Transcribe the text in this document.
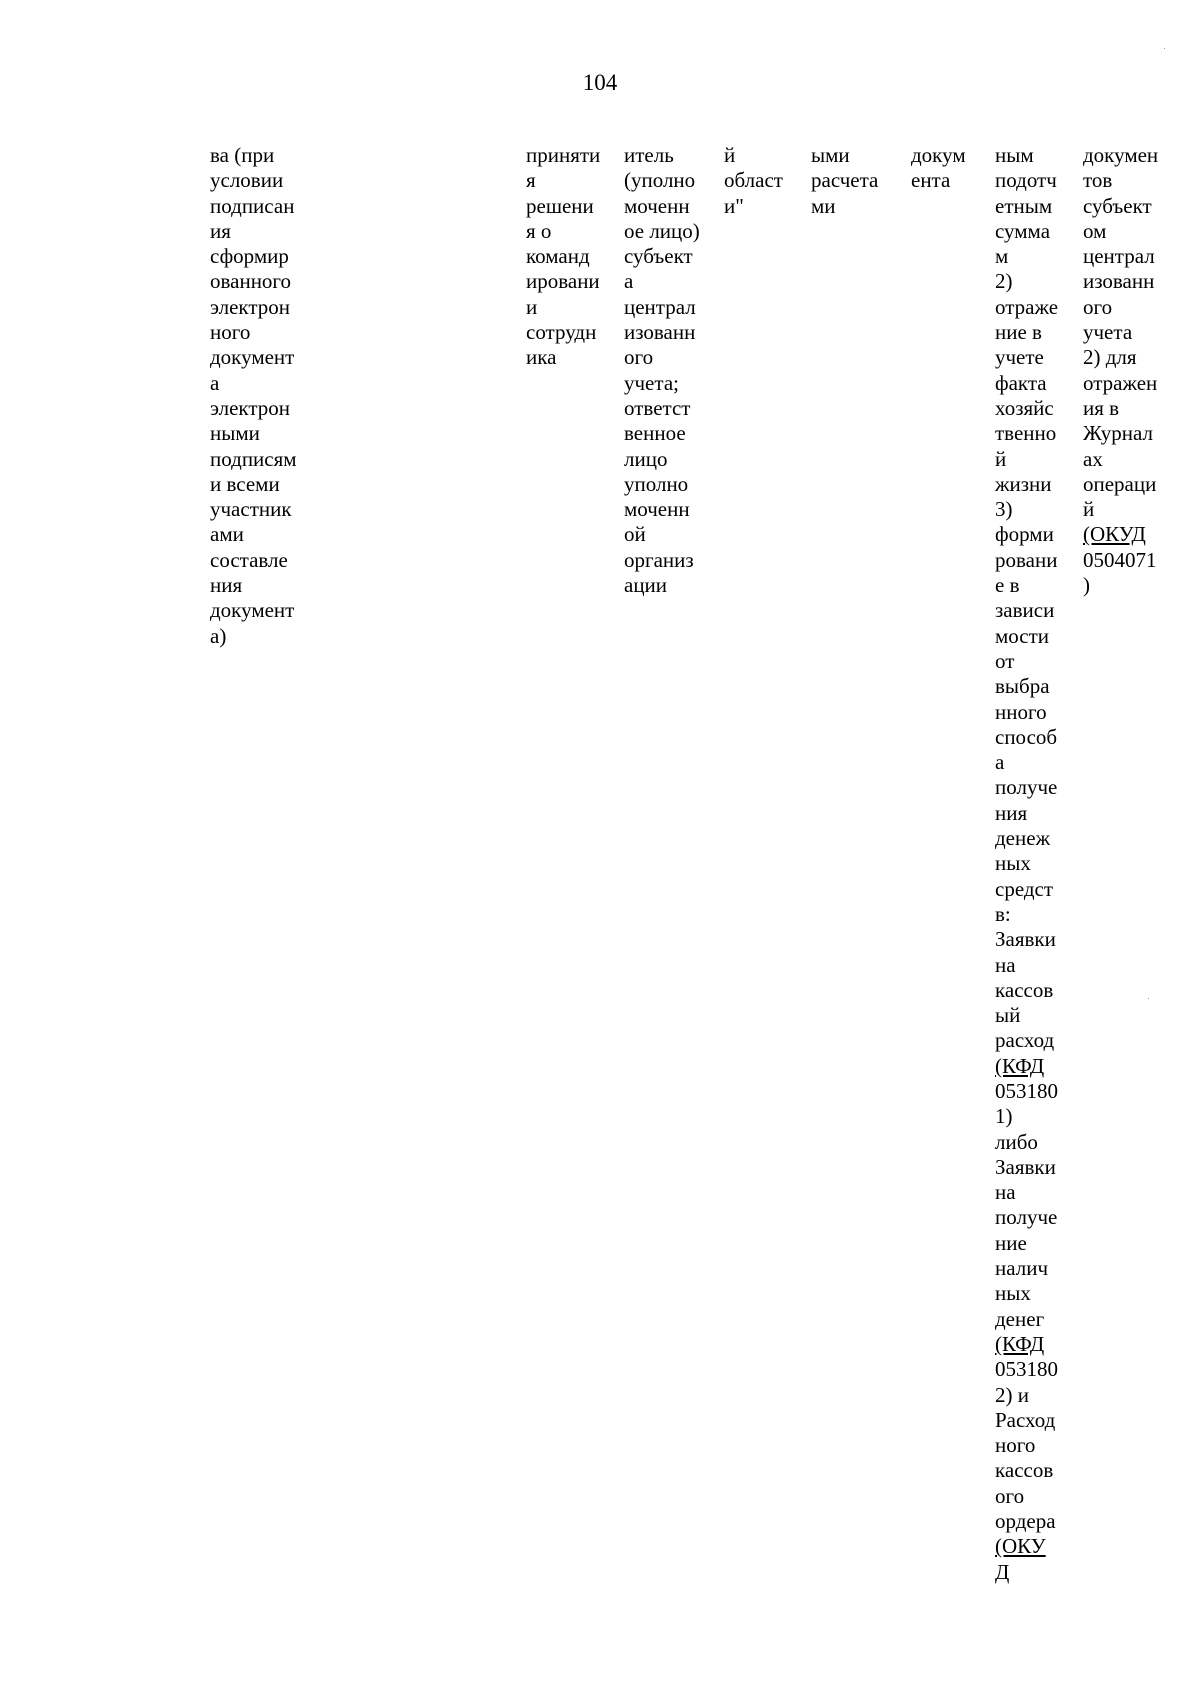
104
ва (при
условии
подписан
ия
сформир
ованного
электрон
ного
документ
а
электрон
ными
подписям
и всеми
участник
ами
составле
ния
документ
а)
приняти
я
решени
я о
команд
ировани
и
сотрудн
ика
итель
(уполно
моченн
ое лицо)
субъект
а
централ
изованн
ого
учета;
ответст
венное
лицо
уполно
моченн
ой
организ
ации
й
област
и"
ыми
расчета
ми
докум
ента
ным
подотч
етным
сумма
м
2)
отраже
ние в
учете
факта
хозяйс
твенно
й
жизни
3)
форми
ровани
е в
зависи
мости
от
выбра
нного
способ
а
получе
ния
денеж
ных
средст
в:
Заявки
на
кассов
ый
расход
(КФД
053180
1)
либо
Заявки
на
получе
ние
налич
ных
денег
(КФД
053180
2) и
Расход
ного
кассов
ого
ордера
(ОКУ
Д
докумен
тов
субъект
ом
централ
изованн
ого
учета
2) для
отражен
ия в
Журнал
ах
операци
й
(ОКУД
0504071
)
